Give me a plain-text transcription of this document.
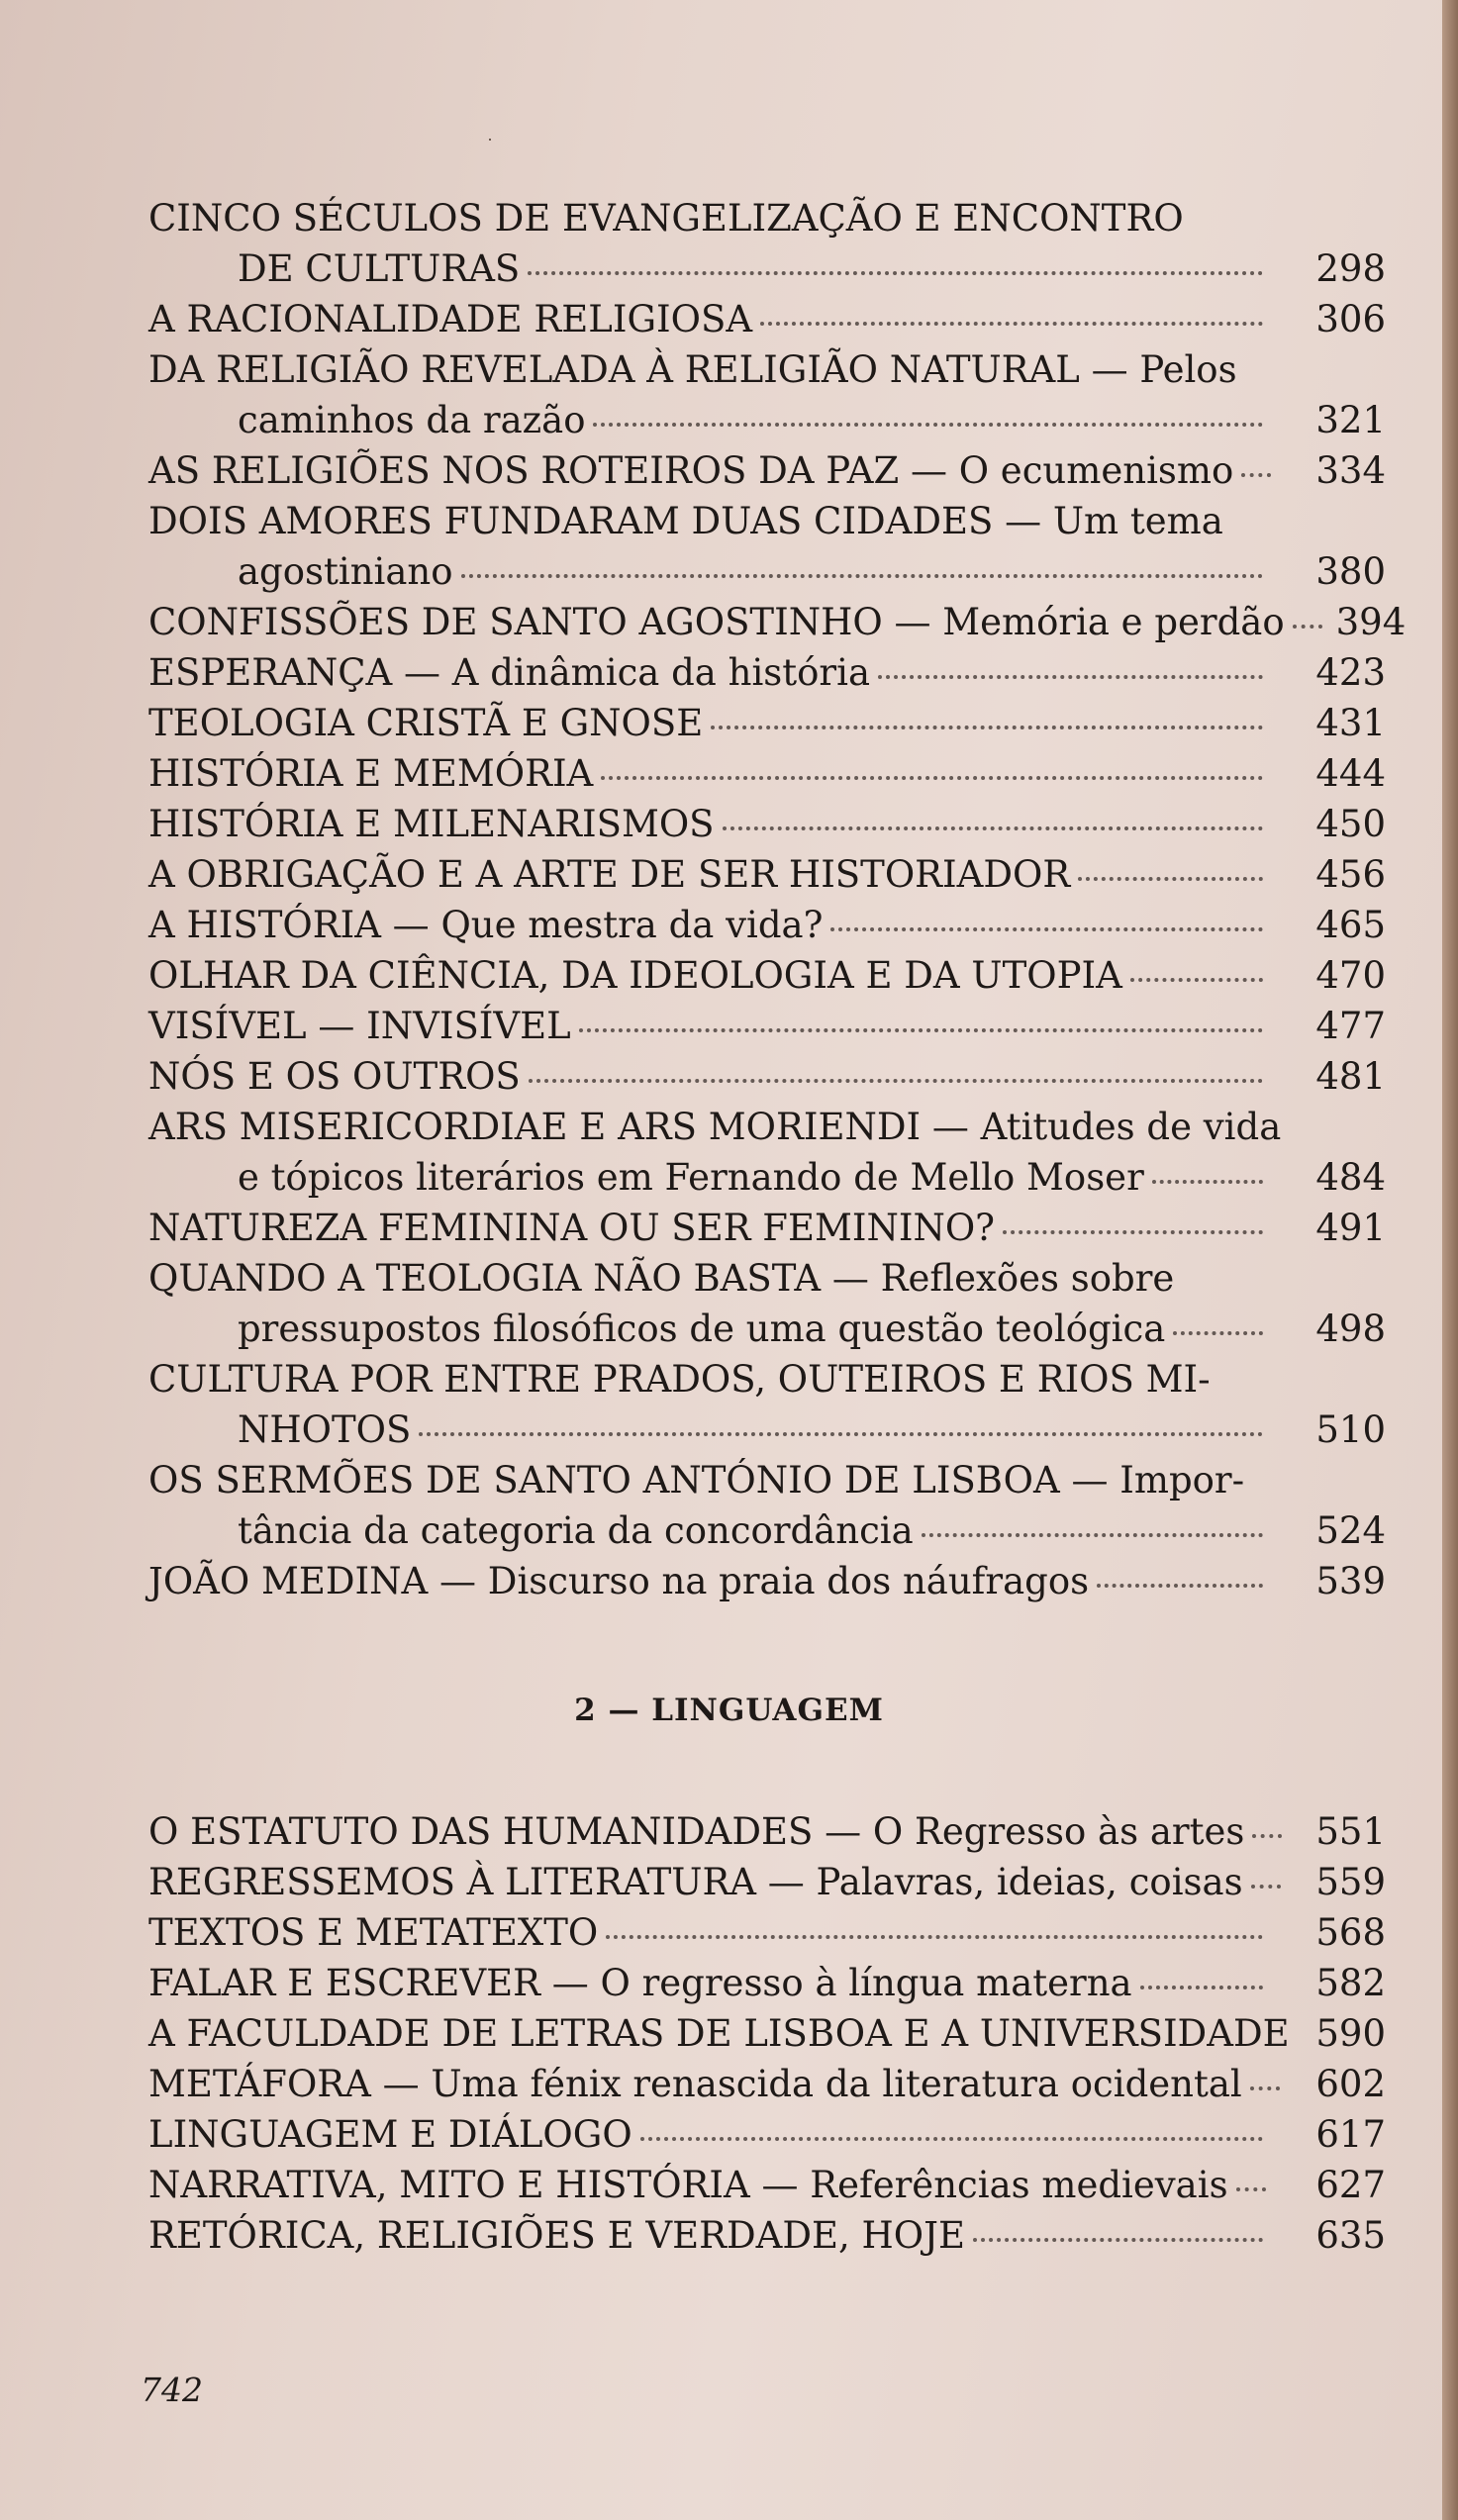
CINCO SÉCULOS DE EVANGELIZAÇÃO E ENCONTRO
DE CULTURAS	298
A RACIONALIDADE RELIGIOSA	306
DA RELIGIÃO REVELADA À RELIGIÃO NATURAL — Pelos
caminhos da razão	321
AS RELIGIÕES NOS ROTEIROS DA PAZ — O ecumenismo	334
DOIS AMORES FUNDARAM DUAS CIDADES — Um tema
agostiniano	380
CONFISSÕES DE SANTO AGOSTINHO — Memória e perdão 394
ESPERANÇA — A dinâmica da história	423
TEOLOGIA CRISTÃ E GNOSE	431
HISTÓRIA E MEMÓRIA	444
HISTÓRIA E MILENARISMOS	450
A OBRIGAÇÃO E A ARTE DE SER HISTORIADOR	456
A HISTÓRIA — Que mestra da vida?	465
OLHAR DA CIÊNCIA, DA IDEOLOGIA E DA UTOPIA	470
VISÍVEL — INVISÍVEL	477
NÓS E OS OUTROS	481
ARS MISERICORDIAE E ARS MORIENDI — Atitudes de vida
e tópicos literários em Fernando de Mello Moser	484
NATUREZA FEMININA OU SER FEMININO?	491
QUANDO A TEOLOGIA NÃO BASTA — Reflexões sobre
pressupostos filosóficos de uma questão teológica	498
CULTURA POR ENTRE PRADOS, OUTEIROS E RIOS MI-
NHOTOS	510
OS SERMÕES DE SANTO ANTÓNIO DE LISBOA — Impor-
tância da categoria da concordância	524
JOÃO MEDINA — Discurso na praia dos náufragos	539
2 — LINGUAGEM
O ESTATUTO DAS HUMANIDADES — O Regresso às artes	551
REGRESSEMOS À LITERATURA — Palavras, ideias, coisas	559
TEXTOS E METATEXTO	568
FALAR E ESCREVER — O regresso à língua materna	582
A FACULDADE DE LETRAS DE LISBOA E A UNIVERSIDADE 590
METÁFORA — Uma fénix renascida da literatura ocidental	602
LINGUAGEM E DIÁLOGO	617
NARRATIVA, MITO E HISTÓRIA — Referências medievais	627
RETÓRICA, RELIGIÕES E VERDADE, HOJE	635
742
